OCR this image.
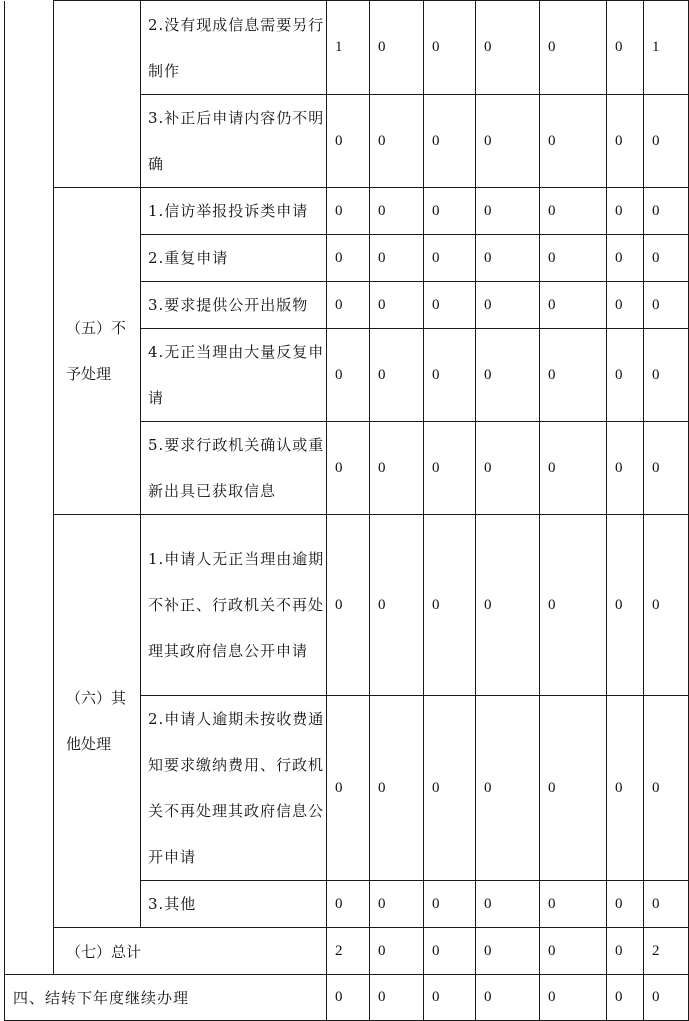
		2.没有现成信息需要另行制作	1	0	0	0	0	0	1
		3.补正后申请内容仍不明确	0	0	0	0	0	0	0
	（五）不予处理	1.信访举报投诉类申请	0	0	0	0	0	0	0
		2.重复申请	0	0	0	0	0	0	0
		3.要求提供公开出版物	0	0	0	0	0	0	0
		4.无正当理由大量反复申请	0	0	0	0	0	0	0
		5.要求行政机关确认或重新出具已获取信息	0	0	0	0	0	0	0
	（六）其他处理	1.申请人无正当理由逾期不补正、行政机关不再处理其政府信息公开申请	0	0	0	0	0	0	0
		2.申请人逾期未按收费通知要求缴纳费用、行政机关不再处理其政府信息公开申请	0	0	0	0	0	0	0
		3.其他	0	0	0	0	0	0	0
	（七）总计		2	0	0	0	0	0	2
四、结转下年度继续办理			0	0	0	0	0	0	0
